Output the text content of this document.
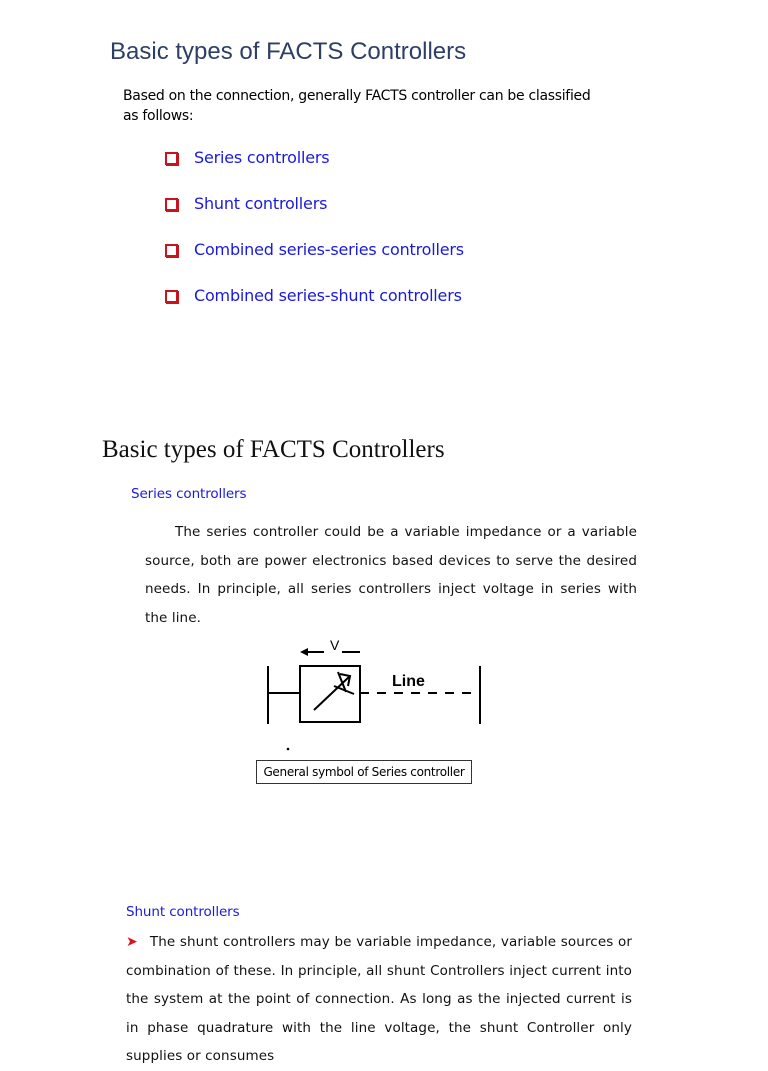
Basic types of FACTS Controllers
Based on the connection, generally FACTS controller can be classified as follows:
Series controllers
Shunt controllers
Combined series-series controllers
Combined series-shunt controllers
Basic types of FACTS Controllers
Series controllers
The series controller could be a variable impedance or a variable source, both are power electronics based devices to serve the desired needs. In principle, all series controllers inject voltage in series with the line.
V
Line
General symbol of Series controller
Shunt controllers
➤ The shunt controllers may be variable impedance, variable sources or combination of these. In principle, all shunt Controllers inject current into the system at the point of connection. As long as the injected current is in phase quadrature with the line voltage, the shunt Controller only supplies or consumes
